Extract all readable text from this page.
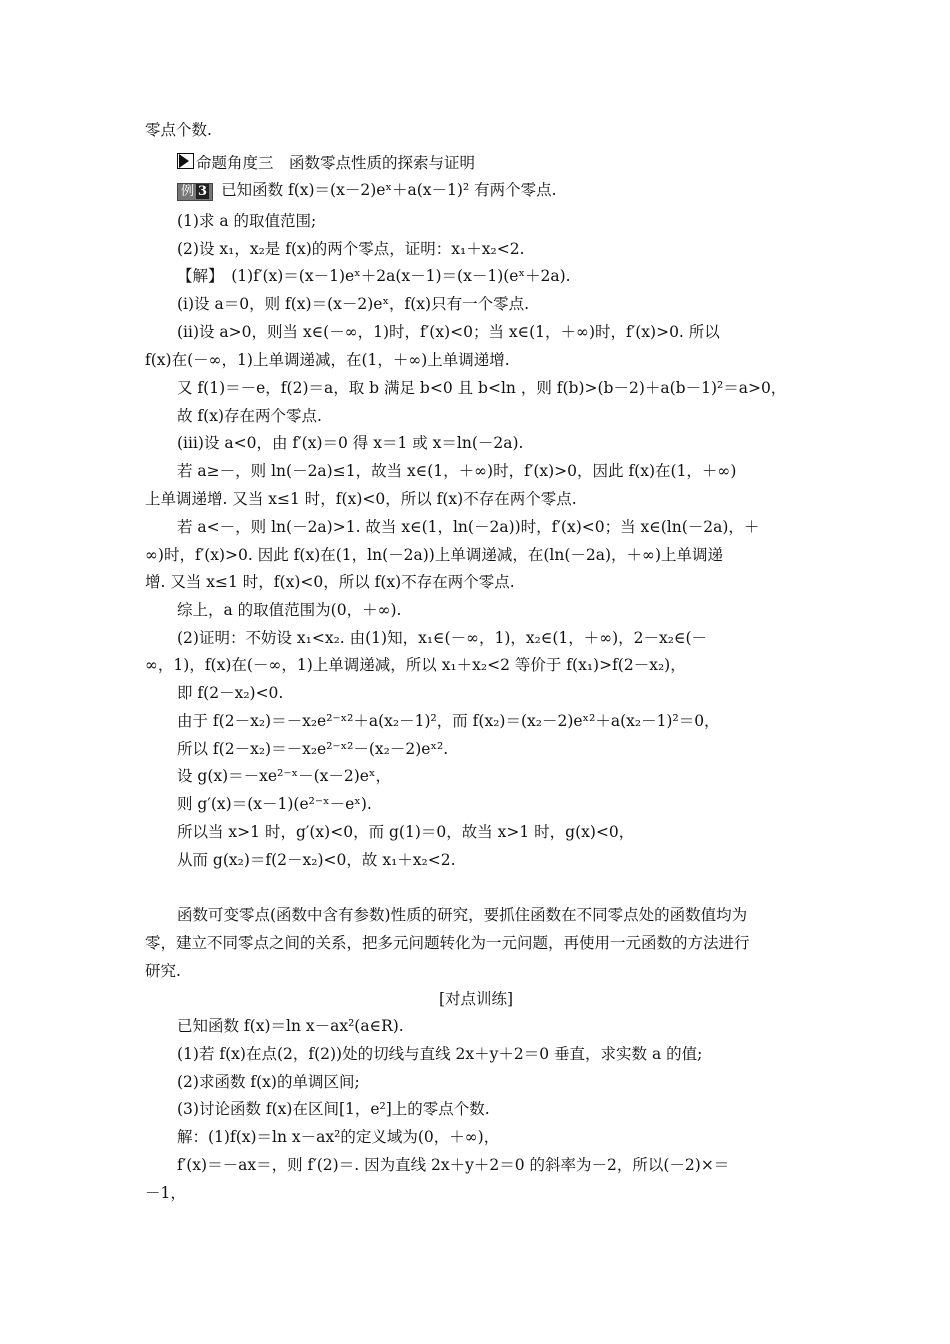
零点个数.
命题角度三　函数零点性质的探索与证明
例 3 已知函数 f(x)＝(x－2)eˣ＋a(x－1)² 有两个零点.
(1)求 a 的取值范围;
(2)设 x₁，x₂是 f(x)的两个零点，证明：x₁＋x₂<2.
【解】　(1)f′(x)＝(x－1)eˣ＋2a(x－1)＝(x－1)(eˣ＋2a).
(ⅰ)设 a＝0，则 f(x)＝(x－2)eˣ，f(x)只有一个零点.
(ⅱ)设 a>0，则当 x∈(－∞，1)时，f′(x)<0；当 x∈(1，＋∞)时，f′(x)>0. 所以
f(x)在(－∞，1)上单调递减，在(1，＋∞)上单调递增.
又 f(1)＝－e，f(2)＝a，取 b 满足 b<0 且 b<ln ，则 f(b)>(b－2)＋a(b－1)²＝a>0，
故 f(x)存在两个零点.
(ⅲ)设 a<0，由 f′(x)＝0 得 x＝1 或 x＝ln(－2a).
若 a≥－，则 ln(－2a)≤1，故当 x∈(1，＋∞)时，f′(x)>0，因此 f(x)在(1，＋∞)
上单调递增. 又当 x≤1 时，f(x)<0，所以 f(x)不存在两个零点.
若 a<－，则 ln(－2a)>1. 故当 x∈(1，ln(－2a))时，f′(x)<0；当 x∈(ln(－2a)，＋
∞)时，f′(x)>0. 因此 f(x)在(1，ln(－2a))上单调递减，在(ln(－2a)，＋∞)上单调递
增. 又当 x≤1 时，f(x)<0，所以 f(x)不存在两个零点.
综上，a 的取值范围为(0，＋∞).
(2)证明：不妨设 x₁<x₂. 由(1)知，x₁∈(－∞，1)，x₂∈(1，＋∞)，2－x₂∈(－
∞，1)，f(x)在(－∞，1)上单调递减，所以 x₁＋x₂<2 等价于 f(x₁)>f(2－x₂)，
即 f(2－x₂)<0.
由于 f(2－x₂)＝－x₂e²⁻ˣ²＋a(x₂－1)²，而 f(x₂)＝(x₂－2)eˣ²＋a(x₂－1)²＝0，
所以 f(2－x₂)＝－x₂e²⁻ˣ²－(x₂－2)eˣ².
设 g(x)＝－xe²⁻ˣ－(x－2)eˣ，
则 g′(x)＝(x－1)(e²⁻ˣ－eˣ).
所以当 x>1 时，g′(x)<0，而 g(1)＝0，故当 x>1 时，g(x)<0，
从而 g(x₂)＝f(2－x₂)<0，故 x₁＋x₂<2.
函数可变零点(函数中含有参数)性质的研究，要抓住函数在不同零点处的函数值均为
零，建立不同零点之间的关系，把多元问题转化为一元问题，再使用一元函数的方法进行
研究.
[对点训练]
已知函数 f(x)＝ln x－ax²(a∈R).
(1)若 f(x)在点(2，f(2))处的切线与直线 2x＋y＋2＝0 垂直，求实数 a 的值;
(2)求函数 f(x)的单调区间;
(3)讨论函数 f(x)在区间[1，e²]上的零点个数.
解：(1)f(x)＝ln x－ax²的定义域为(0，＋∞)，
f′(x)＝－ax＝，则 f′(2)＝. 因为直线 2x＋y＋2＝0 的斜率为－2，所以(－2)×＝
－1，
